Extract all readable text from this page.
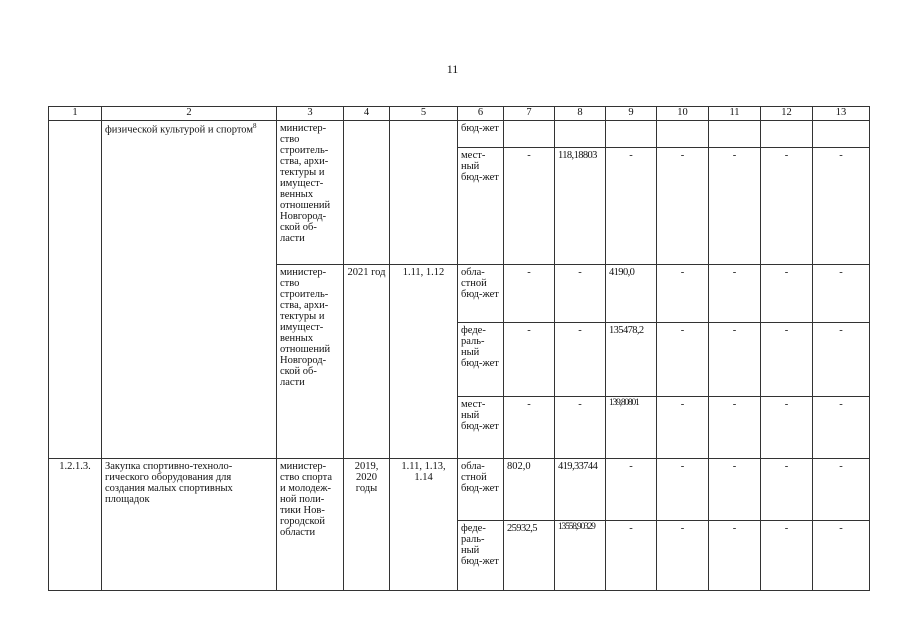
11
1	2	3	4	5	6	7	8	9	10	11	12	13
	физической культурой и спортом$^8$	министер-ство строитель-ства, архи-тектуры и имущест-венных отношений Новгород-ской об-ласти			бюд-жет							
					мест-ный бюд-жет	-	118,18803	-	-	-	-	-
		министер-ство строитель-ства, архи-тектуры и имущест-венных отношений Новгород-ской об-ласти	2021 год	1.11, 1.12	обла-стной бюд-жет	-	-	4190,0	-	-	-	-
					феде-раль-ный бюд-жет	-	-	135478,2	-	-	-	-
					мест-ный бюд-жет	-	-	139,80801	-	-	-	-
1.2.1.3.	Закупка спортивно-техноло-гического оборудования для создания малых спортивных площадок	министер-ство спорта и молодеж-ной поли-тики Нов-городской области	2019, 2020 годы	1.11, 1.13, 1.14	обла-стной бюд-жет	802,0	419,33744	-	-	-	-	-
					феде-раль-ный бюд-жет	25932,5	13558,90329	-	-	-	-	-
